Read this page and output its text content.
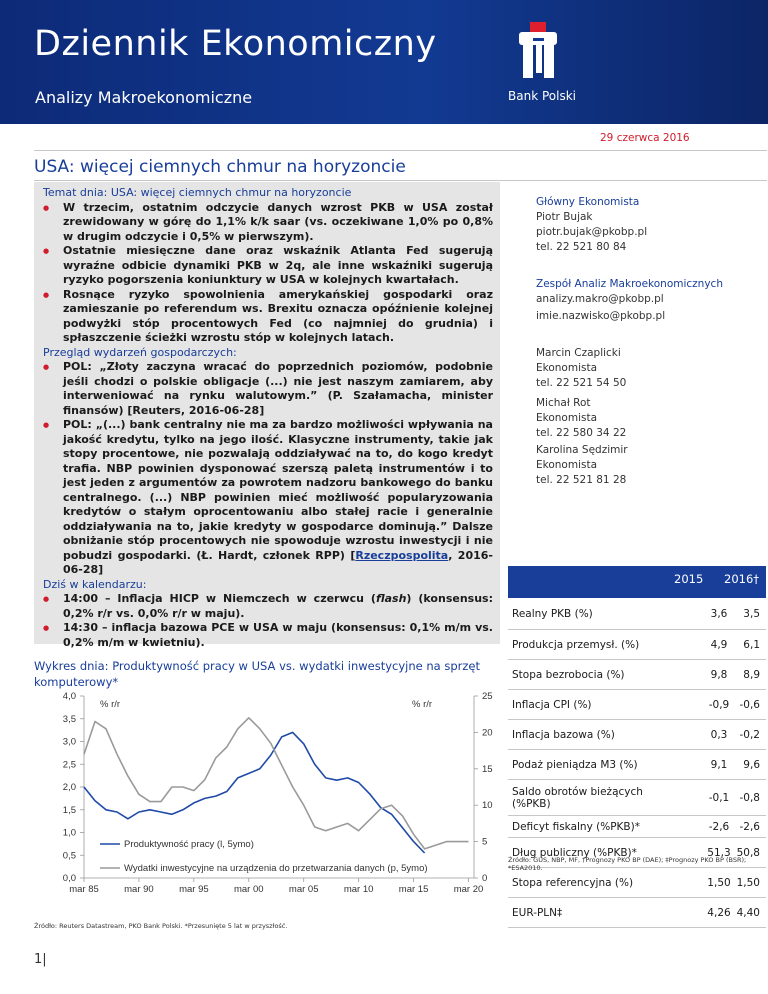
Dziennik Ekonomiczny
Analizy Makroekonomiczne	Bank Polski
29 czerwca 2016
USA: więcej ciemnych chmur na horyzoncie
Temat dnia: USA: więcej ciemnych chmur na horyzoncie
● W trzecim, ostatnim odczycie danych wzrost PKB w USA został zrewidowany w górę do 1,1% k/k saar (vs. oczekiwane 1,0% po 0,8% w drugim odczycie i 0,5% w pierwszym).
● Ostatnie miesięczne dane oraz wskaźnik Atlanta Fed sugerują wyraźne odbicie dynamiki PKB w 2q, ale inne wskaźniki sugerują ryzyko pogorszenia koniunktury w USA w kolejnych kwartałach.
● Rosnące ryzyko spowolnienia amerykańskiej gospodarki oraz zamieszanie po referendum ws. Brexitu oznacza opóźnienie kolejnej podwyżki stóp procentowych Fed (co najmniej do grudnia) i spłaszczenie ścieżki wzrostu stóp w kolejnych latach.
Przegląd wydarzeń gospodarczych:
● POL: „Złoty zaczyna wracać do poprzednich poziomów, podobnie jeśli chodzi o polskie obligacje (...) nie jest naszym zamiarem, aby interweniować na rynku walutowym.” (P. Szałamacha, minister finansów) [Reuters, 2016-06-28]
● POL: „(...) bank centralny nie ma za bardzo możliwości wpływania na jakość kredytu, tylko na jego ilość. Klasyczne instrumenty, takie jak stopy procentowe, nie pozwalają oddziaływać na to, do kogo kredyt trafia. NBP powinien dysponować szerszą paletą instrumentów i to jest jeden z argumentów za powrotem nadzoru bankowego do banku centralnego. (...) NBP powinien mieć możliwość popularyzowania kredytów o stałym oprocentowaniu albo stałej racie i generalnie oddziaływania na to, jakie kredyty w gospodarce dominują.” Dalsze obniżanie stóp procentowych nie spowoduje wzrostu inwestycji i nie pobudzi gospodarki. (Ł. Hardt, członek RPP) [Rzeczpospolita, 2016-06-28]
Dziś w kalendarzu:
● 14:00 – Inflacja HICP w Niemczech w czerwcu (flash) (konsensus: 0,2% r/r vs. 0,0% r/r w maju).
● 14:30 – inflacja bazowa PCE w USA w maju (konsensus: 0,1% m/m vs. 0,2% m/m w kwietniu).
Główny Ekonomista
Piotr Bujak
piotr.bujak@pkobp.pl
tel. 22 521 80 84
Zespół Analiz Makroekonomicznych
analizy.makro@pkobp.pl
imie.nazwisko@pkobp.pl
Marcin Czaplicki
Ekonomista
tel. 22 521 54 50
Michał Rot
Ekonomista
tel. 22 580 34 22
Karolina Sędzimir
Ekonomista
tel. 22 521 81 28
2015 2016†
Realny PKB (%)	3,6	3,5
Produkcja przemysł. (%)	4,9	6,1
Stopa bezrobocia (%)	9,8	8,9
Inflacja CPI (%)	-0,9 -0,6
Inflacja bazowa (%)	0,3	-0,2
Podaż pieniądza M3 (%)	9,1	9,6
Saldo obrotów bieżących (%PKB)	-0,1 -0,8
Deficyt fiskalny (%PKB)*	-2,6 -2,6
Dług publiczny (%PKB)*	51,3 50,8
Stopa referencyjna (%)	1,50 1,50
EUR-PLN‡	4,26 4,40
Źródło: GUS, NBP, MF, †Prognozy PKO BP (DAE); ‡Prognozy PKO BP (BSR); *ESA2010.
Wykres dnia: Produktywność pracy w USA vs. wydatki inwestycyjne na sprzęt komputerowy*
4,0
3,5
3,0
2,5
2,0
1,5
1,0
0,5
0,0
25
20
15
10
5
0
mar 85	mar 90	mar 95	mar 00	mar 05	mar 10	mar 15	mar 20
% r/r	% r/r
Produktywność pracy (l, 5ymo)
Wydatki inwestycyjne na urządzenia do przetwarzania danych (p, 5ymo)
Źródło: Reuters Datastream, PKO Bank Polski. *Przesunięte 5 lat w przyszłość.
1|
